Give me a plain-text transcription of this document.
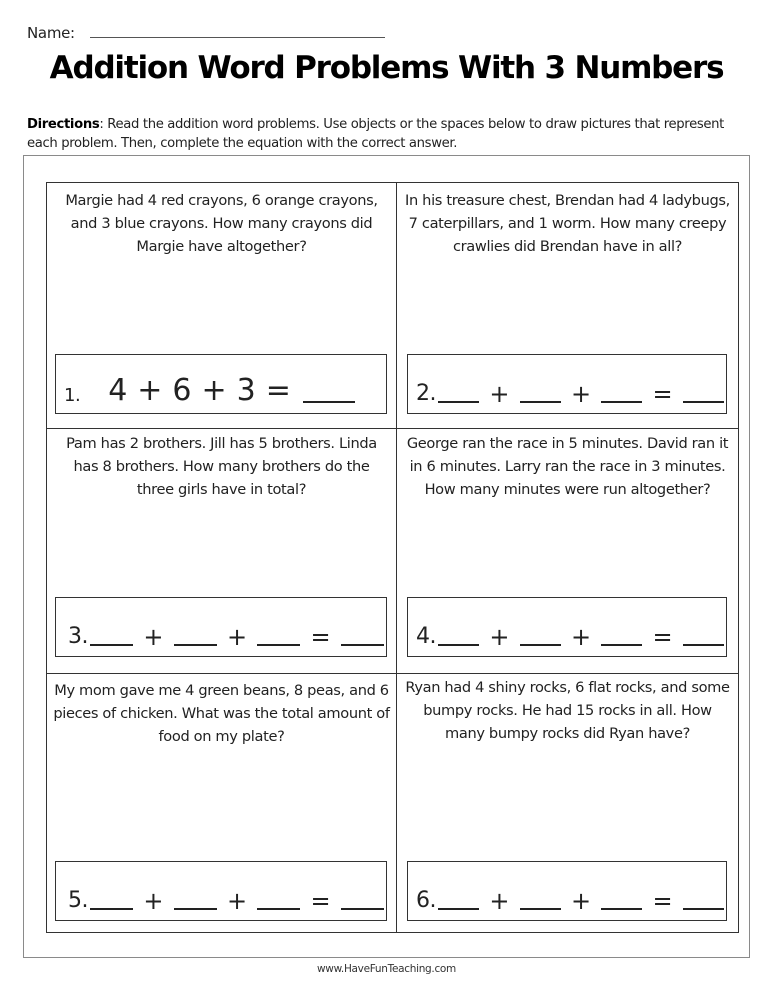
Name:
Addition Word Problems With 3 Numbers
Directions: Read the addition word problems. Use objects or the spaces below to draw pictures that represent each problem. Then, complete the equation with the correct answer.
Margie had 4 red crayons, 6 orange crayons, and 3 blue crayons. How many crayons did Margie have altogether?
1. 4 + 6 + 3 =
In his treasure chest, Brendan had 4 ladybugs, 7 caterpillars, and 1 worm. How many creepy crawlies did Brendan have in all?
2. +	+	=
Pam has 2 brothers. Jill has 5 brothers. Linda has 8 brothers. How many brothers do the three girls have in total?
3. +	+	=
George ran the race in 5 minutes. David ran it in 6 minutes. Larry ran the race in 3 minutes. How many minutes were run altogether?
4. +	+	=
My mom gave me 4 green beans, 8 peas, and 6 pieces of chicken. What was the total amount of food on my plate?
5. +	+	=
Ryan had 4 shiny rocks, 6 flat rocks, and some bumpy rocks. He had 15 rocks in all. How many bumpy rocks did Ryan have?
6. +	+	=
www.HaveFunTeaching.com
